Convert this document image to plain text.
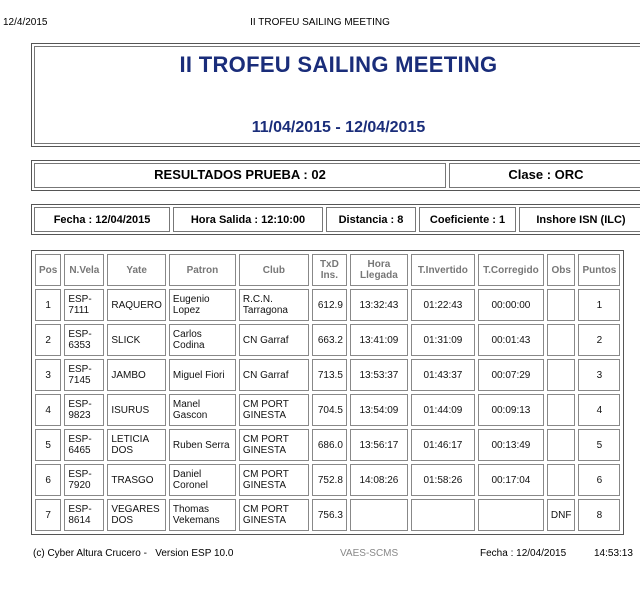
12/4/2015	II TROFEU SAILING MEETING
II TROFEU SAILING MEETING
11/04/2015 - 12/04/2015
RESULTADOS PRUEBA : 02	Clase : ORC
Fecha : 12/04/2015	Hora Salida : 12:10:00	Distancia : 8	Coeficiente : 1	Inshore ISN (ILC)
Pos	N.Vela	Yate	Patron	Club	TxD Ins.	Hora Llegada	T.Invertido	T.Corregido	Obs	Puntos
1	ESP-7111	RAQUERO	Eugenio Lopez	R.C.N. Tarragona	612.9	13:32:43	01:22:43	00:00:00		1
2	ESP-6353	SLICK	Carlos Codina	CN Garraf	663.2	13:41:09	01:31:09	00:01:43		2
3	ESP-7145	JAMBO	Miguel Fiori	CN Garraf	713.5	13:53:37	01:43:37	00:07:29		3
4	ESP-9823	ISURUS	Manel Gascon	CM PORT GINESTA	704.5	13:54:09	01:44:09	00:09:13		4
5	ESP-6465	LETICIA DOS	Ruben Serra	CM PORT GINESTA	686.0	13:56:17	01:46:17	00:13:49		5
6	ESP-7920	TRASGO	Daniel Coronel	CM PORT GINESTA	752.8	14:08:26	01:58:26	00:17:04		6
7	ESP-8614	VEGARES DOS	Thomas Vekemans	CM PORT GINESTA	756.3				DNF	8
(c) Cyber Altura Crucero -   Version ESP 10.0	VAES-SCMS	Fecha : 12/04/2015	14:53:13
